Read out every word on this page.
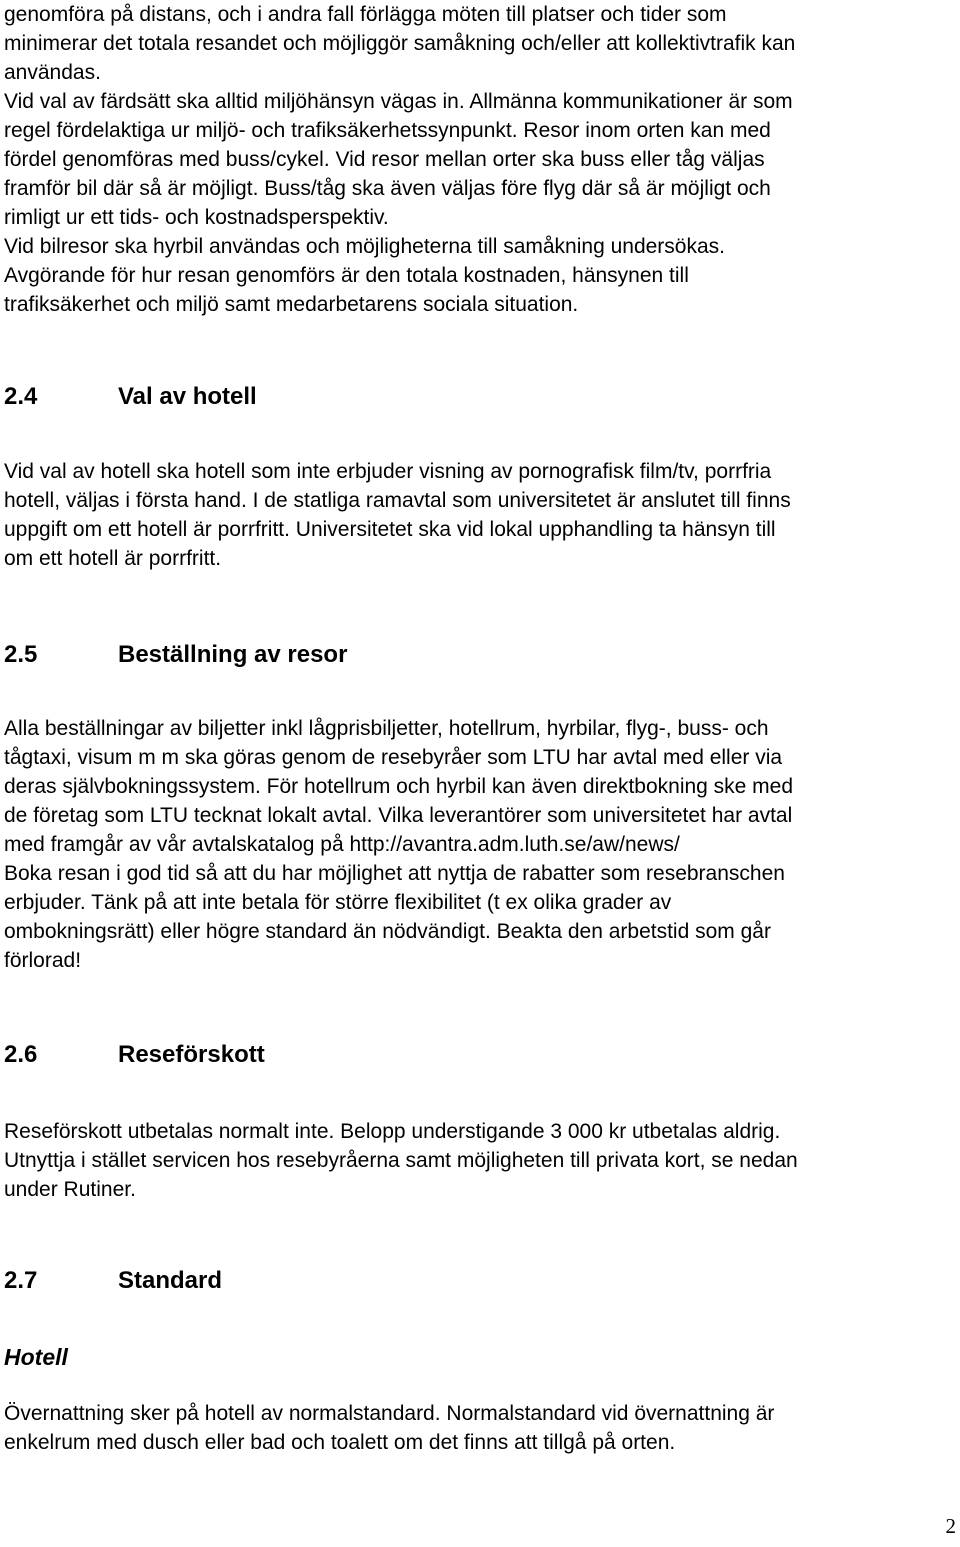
genomföra på distans, och i andra fall förlägga möten till platser och tider som
minimerar det totala resandet och möjliggör samåkning och/eller att kollektivtrafik kan
användas.
Vid val av färdsätt ska alltid miljöhänsyn vägas in. Allmänna kommunikationer är som
regel fördelaktiga ur miljö- och trafiksäkerhetssynpunkt. Resor inom orten kan med
fördel genomföras med buss/cykel. Vid resor mellan orter ska buss eller tåg väljas
framför bil där så är möjligt. Buss/tåg ska även väljas före flyg där så är möjligt och
rimligt ur ett tids- och kostnadsperspektiv.
Vid bilresor ska hyrbil användas och möjligheterna till samåkning undersökas.
Avgörande för hur resan genomförs är den totala kostnaden, hänsynen till
trafiksäkerhet och miljö samt medarbetarens sociala situation.
2.4	Val av hotell
Vid val av hotell ska hotell som inte erbjuder visning av pornografisk film/tv, porrfria
hotell, väljas i första hand. I de statliga ramavtal som universitetet är anslutet till finns
uppgift om ett hotell är porrfritt. Universitetet ska vid lokal upphandling ta hänsyn till
om ett hotell är porrfritt.
2.5	Beställning av resor
Alla beställningar av biljetter inkl lågprisbiljetter, hotellrum, hyrbilar, flyg-, buss- och
tågtaxi, visum m m ska göras genom de resebyråer som LTU har avtal med eller via
deras självbokningssystem. För hotellrum och hyrbil kan även direktbokning ske med
de företag som LTU tecknat lokalt avtal. Vilka leverantörer som universitetet har avtal
med framgår av vår avtalskatalog på http://avantra.adm.luth.se/aw/news/
Boka resan i god tid så att du har möjlighet att nyttja de rabatter som resebranschen
erbjuder. Tänk på att inte betala för större flexibilitet (t ex olika grader av
ombokningsrätt) eller högre standard än nödvändigt. Beakta den arbetstid som går
förlorad!
2.6	Reseförskott
Reseförskott utbetalas normalt inte. Belopp understigande 3 000 kr utbetalas aldrig.
Utnyttja i stället servicen hos resebyråerna samt möjligheten till privata kort, se nedan
under Rutiner.
2.7	Standard
Hotell
Övernattning sker på hotell av normalstandard. Normalstandard vid övernattning är
enkelrum med dusch eller bad och toalett om det finns att tillgå på orten.

2
